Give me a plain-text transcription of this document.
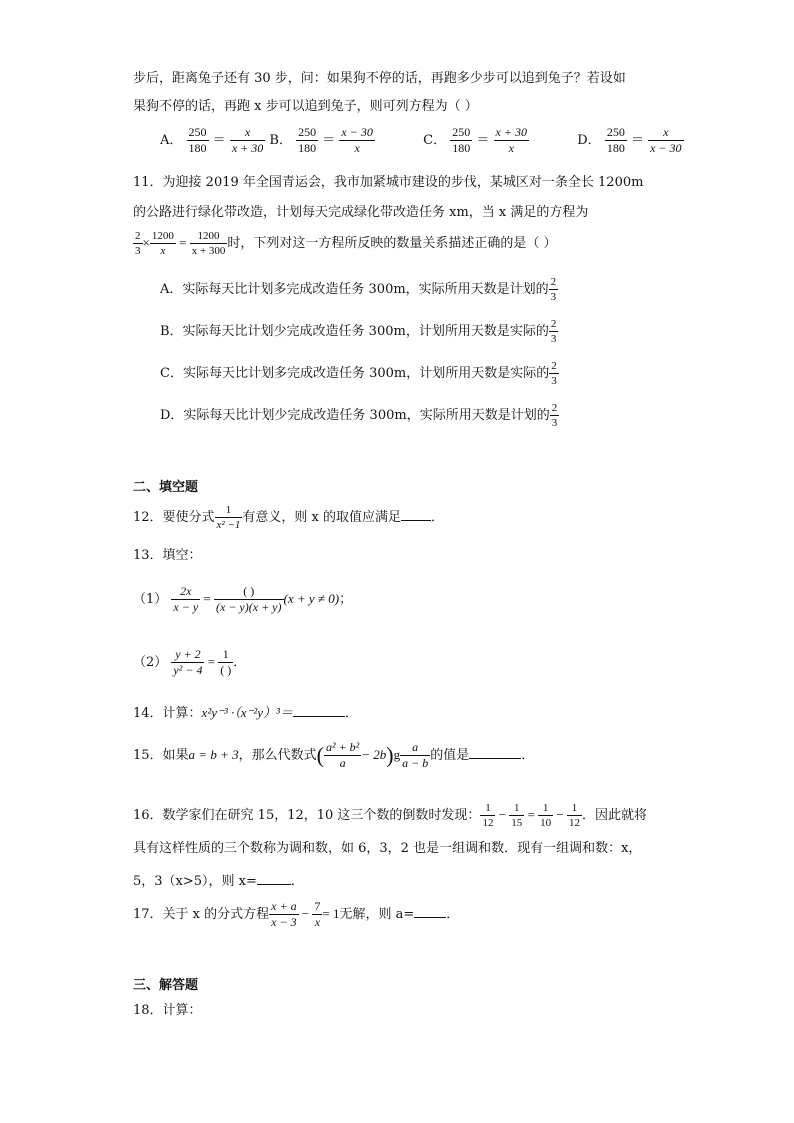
步后，距离兔子还有 30 步，问：如果狗不停的话，再跑多少步可以追到兔子？若设如
果狗不停的话，再跑 x 步可以追到兔子，则可列方程为（ ）
A． $\frac{250}{180} = \frac{x}{x + 30}$ B． $\frac{250}{180} = \frac{x - 30}{x}$	C． $\frac{250}{180} = \frac{x + 30}{x}$	D． $\frac{250}{180} = \frac{x}{x - 30}$
11．为迎接 2019 年全国青运会，我市加紧城市建设的步伐，某城区对一条全长 1200m
的公路进行绿化带改造，计划每天完成绿化带改造任务 xm，当 x 满足的方程为
$\frac{2}{3} \times \frac{1200}{x} = \frac{1200}{x + 300}$ 时，下列对这一方程所反映的数量关系描述正确的是（ ）
A．实际每天比计划多完成改造任务 300m，实际所用天数是计划的 $\frac{2}{3}$
B．实际每天比计划少完成改造任务 300m，计划所用天数是实际的 $\frac{2}{3}$
C．实际每天比计划多完成改造任务 300m，计划所用天数是实际的 $\frac{2}{3}$
D．实际每天比计划少完成改造任务 300m，实际所用天数是计划的 $\frac{2}{3}$
二、填空题
12．要使分式 $\frac{1}{\text{x² −1}}$ 有意义，则 x 的取值应满足 ．
13．填空：
$(1) \frac{2x}{x - y} = \frac{( )}{(x - y)(x + y)} (x + y \ne 0)$；
$(2) \frac{y + 2}{\text{y² − 4}} = \frac{1}{( )}$ ．
14．计算：x²y⁻³ ·（x⁻²y）³＝	．
15．如果a = b + 3，那么代数式( $\frac{\text{a² + b²}}{a} - 2b)g \frac{a}{a - b}$ 的值是	．
16．数学家们在研究 15，12，10 这三个数的倒数时发现： $\frac{1}{12} - \frac{1}{15} = \frac{1}{10} - \frac{1}{12}$ ．因此就将
具有这样性质的三个数称为调和数，如 6，3，2 也是一组调和数．现有一组调和数：x，
5，3（x>5），则 x=	．
17．关于 x 的分式方程 $\frac{x + a}{x - 3} - \frac{7}{x} = 1$无解，则 a= ．
三、解答题
18．计算：
